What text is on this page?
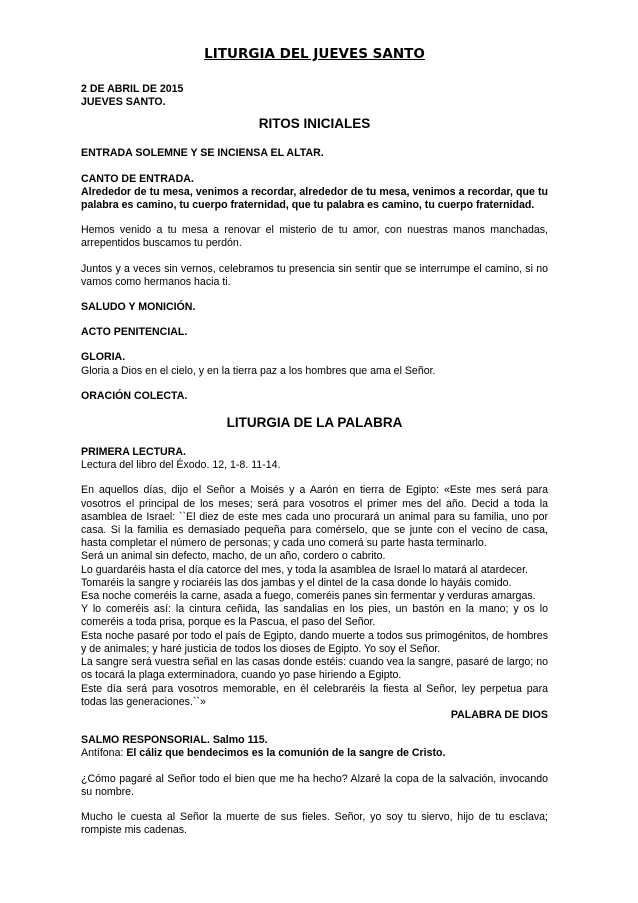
LITURGIA DEL JUEVES SANTO
2 DE ABRIL DE 2015
JUEVES SANTO.
RITOS INICIALES
ENTRADA SOLEMNE Y SE INCIENSA EL ALTAR.
CANTO DE ENTRADA.
Alrededor de tu mesa, venimos a recordar, alrededor de tu mesa, venimos a recordar, que tu palabra es camino, tu cuerpo fraternidad, que tu palabra es camino, tu cuerpo fraternidad.
Hemos venido a tu mesa a renovar el misterio de tu amor, con nuestras manos manchadas, arrepentidos buscamos tu perdón.
Juntos y a veces sin vernos, celebramos tu presencia sin sentir que se interrumpe el camino, si no vamos como hermanos hacia ti.
SALUDO Y MONICIÓN.
ACTO PENITENCIAL.
GLORIA.
Gloria a Dios en el cielo, y en la tierra paz a los hombres que ama el Señor.
ORACIÓN COLECTA.
LITURGIA DE LA PALABRA
PRIMERA LECTURA.
Lectura del libro del Éxodo. 12, 1-8. 11-14.
En aquellos días, dijo el Señor a Moisés y a Aarón en tierra de Egipto: «Este mes será para vosotros el principal de los meses; será para vosotros el primer mes del año. Decid a toda la asamblea de Israel: ``El diez de este mes cada uno procurará un animal para su familia, uno por casa. Si la familia es demasiado pequeña para comérselo, que se junte con el vecino de casa, hasta completar el número de personas; y cada uno comerá su parte hasta terminarlo.
Será un animal sin defecto, macho, de un año, cordero o cabrito.
Lo guardaréis hasta el día catorce del mes, y toda la asamblea de Israel lo matará al atardecer.
Tomaréis la sangre y rociaréis las dos jambas y el dintel de la casa donde lo hayáis comido.
Esa noche comeréis la carne, asada a fuego, comeréis panes sin fermentar y verduras amargas.
Y lo comeréis así: la cintura ceñida, las sandalias en los pies, un bastón en la mano; y os lo comeréis a toda prisa, porque es la Pascua, el paso del Señor.
Esta noche pasaré por todo el país de Egipto, dando muerte a todos sus primogénitos, de hombres y de animales; y haré justicia de todos los dioses de Egipto. Yo soy el Señor.
La sangre será vuestra señal en las casas donde estéis: cuando vea la sangre, pasaré de largo; no os tocará la plaga exterminadora, cuando yo pase hiriendo a Egipto.
Este día será para vosotros memorable, en él celebraréis la fiesta al Señor, ley perpetua para todas las generaciones.``»
PALABRA DE DIOS
SALMO RESPONSORIAL. Salmo 115.
Antífona: El cáliz que bendecimos es la comunión de la sangre de Cristo.
¿Cómo pagaré al Señor todo el bien que me ha hecho? Alzaré la copa de la salvación, invocando su nombre.
Mucho le cuesta al Señor la muerte de sus fieles. Señor, yo soy tu siervo, hijo de tu esclava; rompiste mis cadenas.
